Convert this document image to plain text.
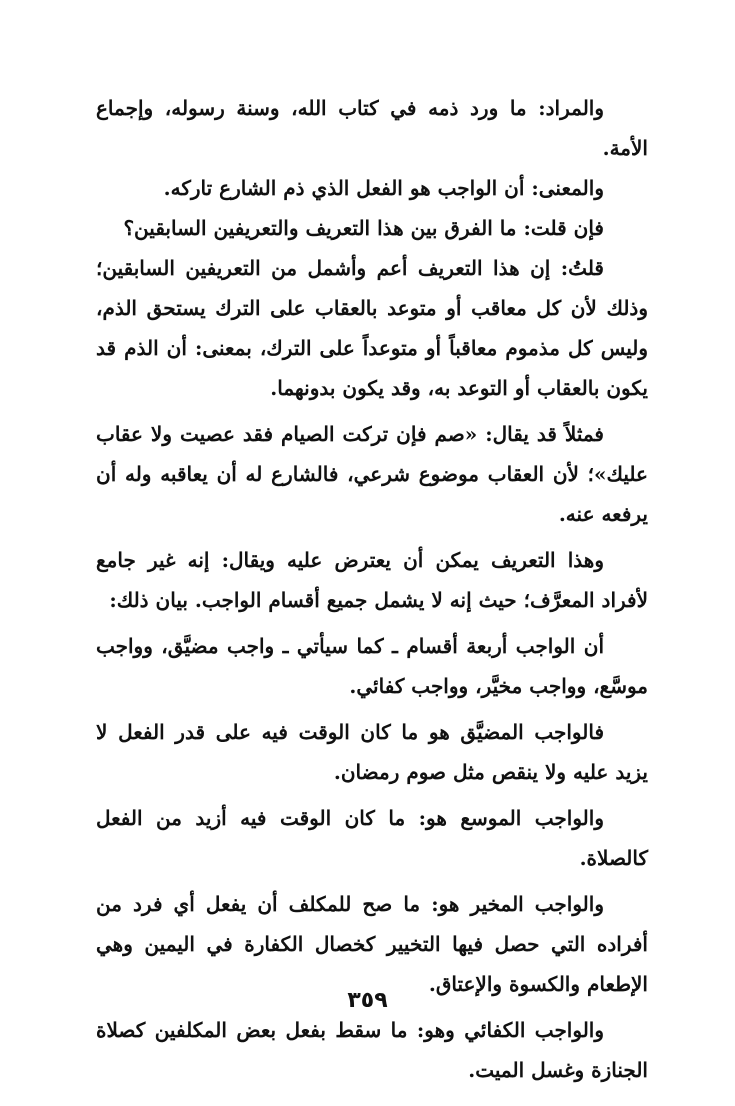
والمراد: ما ورد ذمه في كتاب الله، وسنة رسوله، وإجماع الأمة.

والمعنى: أن الواجب هو الفعل الذي ذم الشارع تاركه.

فإن قلت: ما الفرق بين هذا التعريف والتعريفين السابقين؟

قلتُ: إن هذا التعريف أعم وأشمل من التعريفين السابقين؛ وذلك لأن كل معاقب أو متوعد بالعقاب على الترك يستحق الذم، وليس كل مذموم معاقباً أو متوعداً على الترك، بمعنى: أن الذم قد يكون بالعقاب أو التوعد به، وقد يكون بدونهما.

فمثلاً قد يقال: «صم فإن تركت الصيام فقد عصيت ولا عقاب عليك»؛ لأن العقاب موضوع شرعي، فالشارع له أن يعاقبه وله أن يرفعه عنه.

وهذا التعريف يمكن أن يعترض عليه ويقال: إنه غير جامع لأفراد المعرَّف؛ حيث إنه لا يشمل جميع أقسام الواجب. بيان ذلك:

أن الواجب أربعة أقسام ـ كما سيأتي ـ واجب مضيَّق، وواجب موسَّع، وواجب مخيَّر، وواجب كفائي.

فالواجب المضيَّق هو ما كان الوقت فيه على قدر الفعل لا يزيد عليه ولا ينقص مثل صوم رمضان.

والواجب الموسع هو: ما كان الوقت فيه أزيد من الفعل كالصلاة.

والواجب المخير هو: ما صح للمكلف أن يفعل أي فرد من أفراده التي حصل فيها التخيير كخصال الكفارة في اليمين وهي الإطعام والكسوة والإعتاق.

والواجب الكفائي وهو: ما سقط بفعل بعض المكلفين كصلاة الجنازة وغسل الميت.

٣٥٩
